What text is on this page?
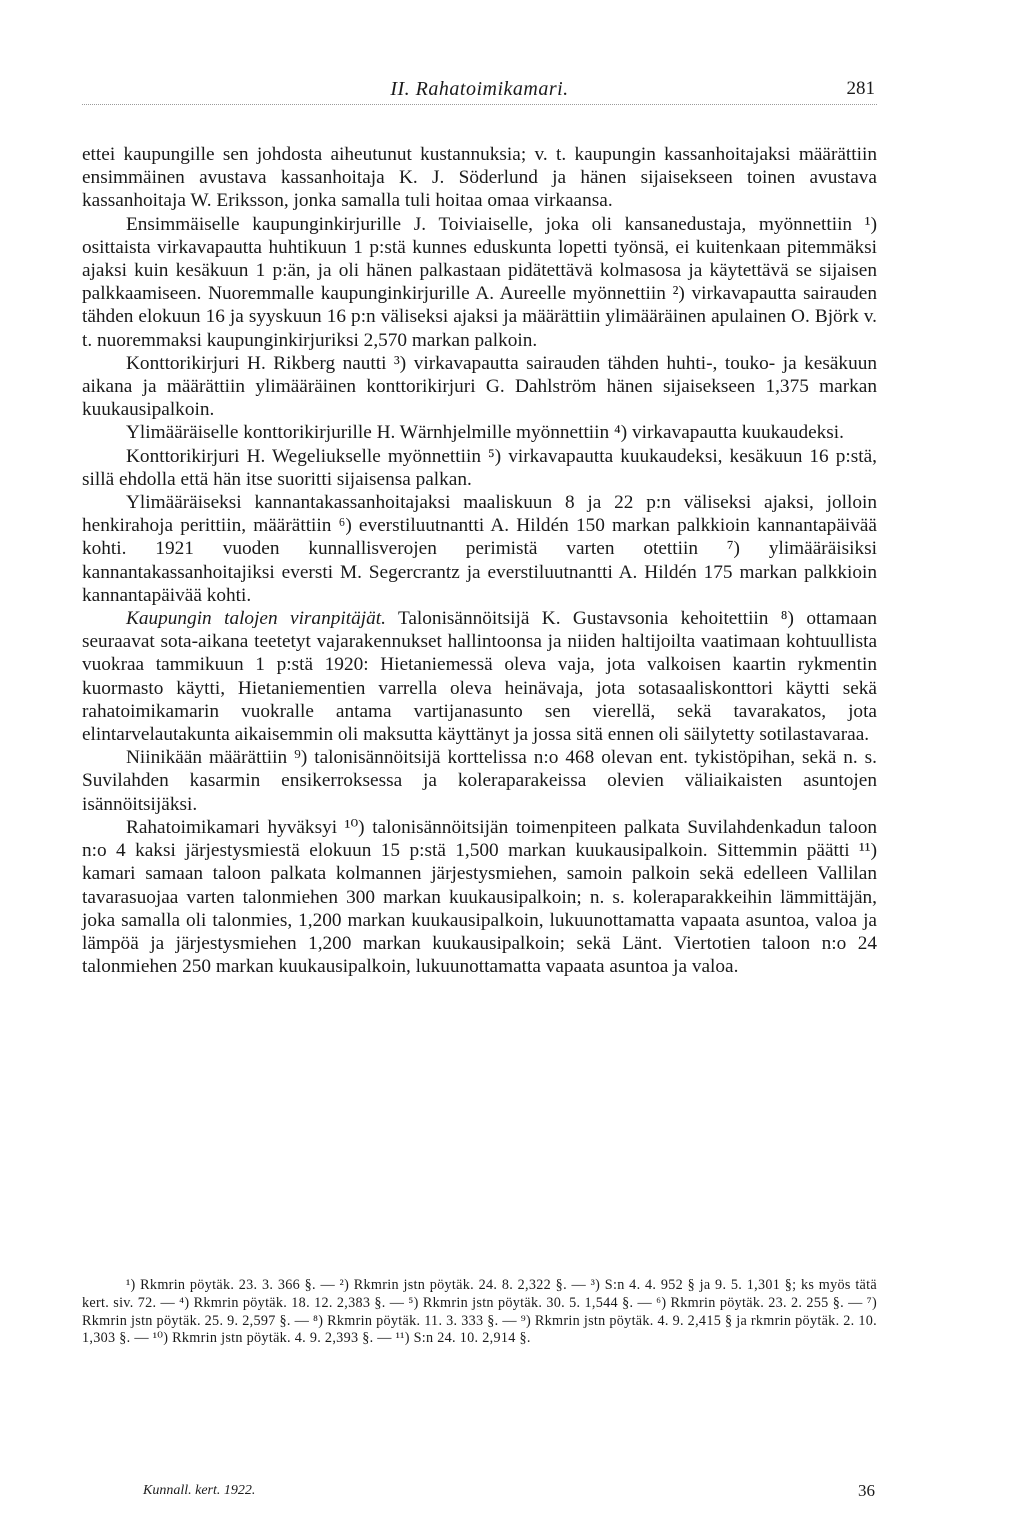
II. Rahatoimikamari.	281

ettei kaupungille sen johdosta aiheutunut kustannuksia; v. t. kaupungin kassanhoitajaksi määrättiin ensimmäinen avustava kassanhoitaja K. J. Söderlund ja hänen sijaisekseen toinen avustava kassanhoitaja W. Eriksson, jonka samalla tuli hoitaa omaa virkaansa.

Ensimmäiselle kaupunginkirjurille J. Toiviaiselle, joka oli kansanedustaja, myönnettiin ¹) osittaista virkavapautta huhtikuun 1 p:stä kunnes eduskunta lopetti työnsä, ei kuitenkaan pitemmäksi ajaksi kuin kesäkuun 1 p:än, ja oli hänen palkastaan pidätettävä kolmasosa ja käytettävä se sijaisen palkkaamiseen. Nuoremmalle kaupunginkirjurille A. Aureelle myönnettiin ²) virkavapautta sairauden tähden elokuun 16 ja syyskuun 16 p:n väliseksi ajaksi ja määrättiin ylimääräinen apulainen O. Björk v. t. nuoremmaksi kaupunginkirjuriksi 2,570 markan palkoin.

Konttorikirjuri H. Rikberg nautti ³) virkavapautta sairauden tähden huhti-, touko- ja kesäkuun aikana ja määrättiin ylimääräinen konttorikirjuri G. Dahlström hänen sijaisekseen 1,375 markan kuukausipalkoin.

Ylimääräiselle konttorikirjurille H. Wärnhjelmille myönnettiin ⁴) virkavapautta kuukaudeksi.

Konttorikirjuri H. Wegeliukselle myönnettiin ⁵) virkavapautta kuukaudeksi, kesäkuun 16 p:stä, sillä ehdolla että hän itse suoritti sijaisensa palkan.

Ylimääräiseksi kannantakassanhoitajaksi maaliskuun 8 ja 22 p:n väliseksi ajaksi, jolloin henkirahoja perittiin, määrättiin ⁶) everstiluutnantti A. Hildén 150 markan palkkioin kannantapäivää kohti. 1921 vuoden kunnallisverojen perimistä varten otettiin ⁷) ylimääräisiksi kannantakassanhoitajiksi eversti M. Segercrantz ja everstiluutnantti A. Hildén 175 markan palkkioin kannantapäivää kohti.

Kaupungin talojen viranpitäjät. Talonisännöitsijä K. Gustavsonia kehoitettiin ⁸) ottamaan seuraavat sota-aikana teetetyt vajarakennukset hallintoonsa ja niiden haltijoilta vaatimaan kohtuullista vuokraa tammikuun 1 p:stä 1920: Hietaniemessä oleva vaja, jota valkoisen kaartin rykmentin kuormasto käytti, Hietaniementien varrella oleva heinävaja, jota sotasaaliskonttori käytti sekä rahatoimikamarin vuokralle antama vartijanasunto sen vierellä, sekä tavarakatos, jota elintarvelautakunta aikaisemmin oli maksutta käyttänyt ja jossa sitä ennen oli säilytetty sotilastavaraa.

Niinikään määrättiin ⁹) talonisännöitsijä korttelissa n:o 468 olevan ent. tykistöpihan, sekä n. s. Suvilahden kasarmin ensikerroksessa ja koleraparakeissa olevien väliaikaisten asuntojen isännöitsijäksi.

Rahatoimikamari hyväksyi ¹⁰) talonisännöitsijän toimenpiteen palkata Suvilahdenkadun taloon n:o 4 kaksi järjestysmiestä elokuun 15 p:stä 1,500 markan kuukausipalkoin. Sittemmin päätti ¹¹) kamari samaan taloon palkata kolmannen järjestysmiehen, samoin palkoin sekä edelleen Vallilan tavarasuojaa varten talonmiehen 300 markan kuukausipalkoin; n. s. koleraparakkeihin lämmittäjän, joka samalla oli talonmies, 1,200 markan kuukausipalkoin, lukuunottamatta vapaata asuntoa, valoa ja lämpöä ja järjestysmiehen 1,200 markan kuukausipalkoin; sekä Länt. Viertotien taloon n:o 24 talonmiehen 250 markan kuukausipalkoin, lukuunottamatta vapaata asuntoa ja valoa.

¹) Rkmrin pöytäk. 23. 3. 366 §. — ²) Rkmrin jstn pöytäk. 24. 8. 2,322 §. — ³) S:n 4. 4. 952 § ja 9. 5. 1,301 §; ks myös tätä kert. siv. 72. — ⁴) Rkmrin pöytäk. 18. 12. 2,383 §. — ⁵) Rkmrin jstn pöytäk. 30. 5. 1,544 §. — ⁶) Rkmrin pöytäk. 23. 2. 255 §. — ⁷) Rkmrin jstn pöytäk. 25. 9. 2,597 §. — ⁸) Rkmrin pöytäk. 11. 3. 333 §. — ⁹) Rkmrin jstn pöytäk. 4. 9. 2,415 § ja rkmrin pöytäk. 2. 10. 1,303 §. — ¹⁰) Rkmrin jstn pöytäk. 4. 9. 2,393 §. — ¹¹) S:n 24. 10. 2,914 §.

Kunnall. kert. 1922.	36
